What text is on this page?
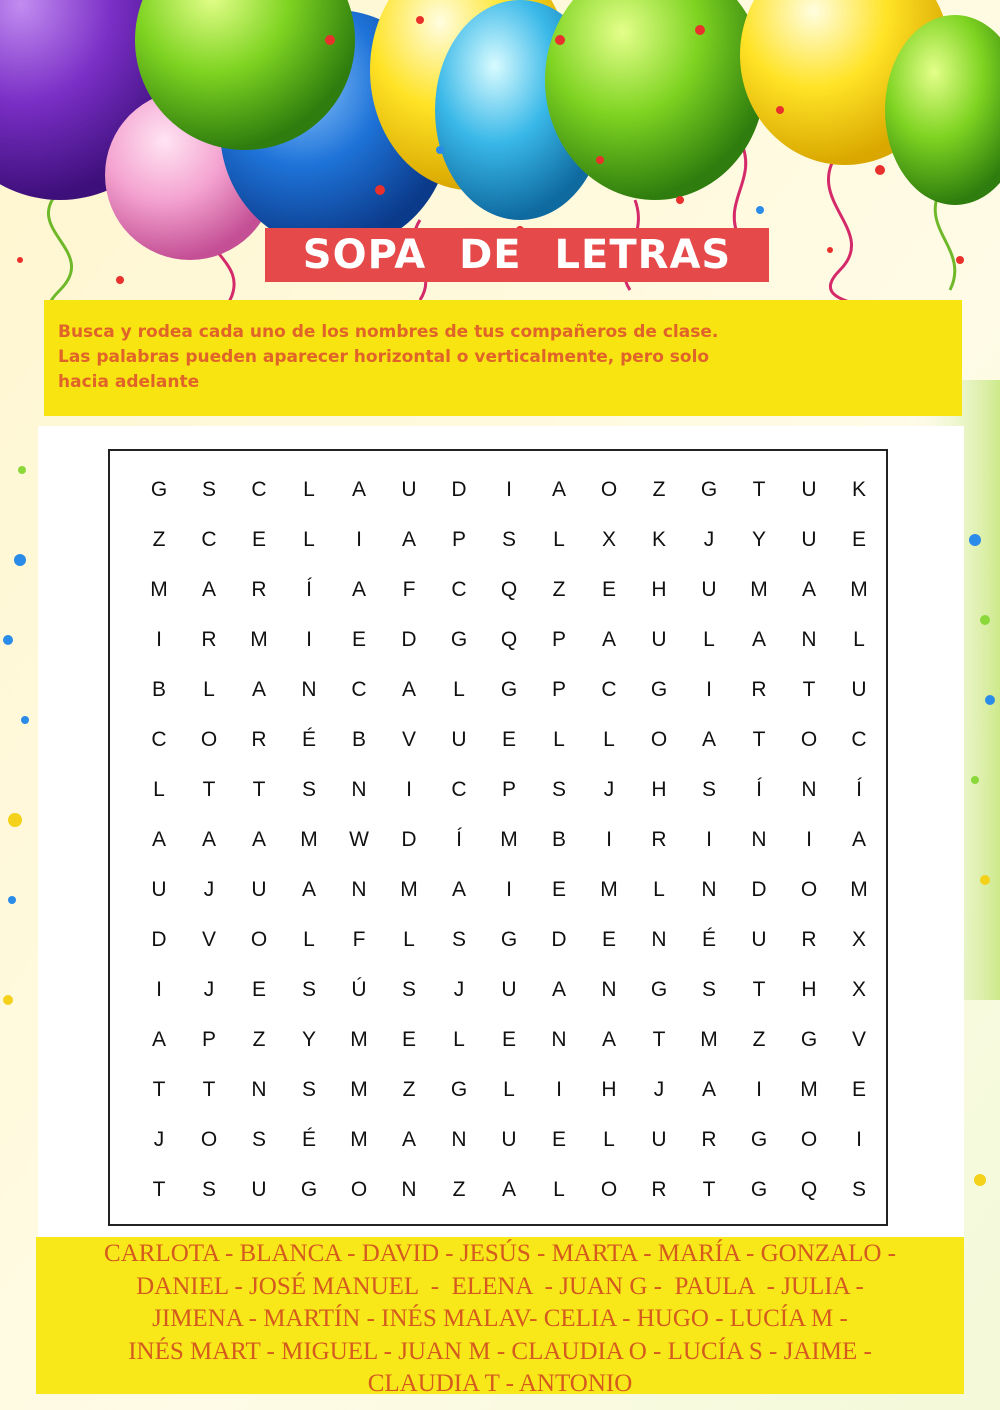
SOPA DE LETRAS
Busca y rodea cada uno de los nombres de tus compañeros de clase.
Las palabras pueden aparecer horizontal o verticalmente, pero solo
hacia adelante
G	S	C	L	A	U	D	I	A	O	Z	G	T	U	K
Z	C	E	L	I	A	P	S	L	X	K	J	Y	U	E
M	A	R	Í	A	F	C	Q	Z	E	H	U	M	A	M
I	R	M	I	E	D	G	Q	P	A	U	L	A	N	L
B	L	A	N	C	A	L	G	P	C	G	I	R	T	U
C	O	R	É	B	V	U	E	L	L	O	A	T	O	C
L	T	T	S	N	I	C	P	S	J	H	S	Í	N	Í
A	A	A	M	W	D	Í	M	B	I	R	I	N	I	A
U	J	U	A	N	M	A	I	E	M	L	N	D	O	M
D	V	O	L	F	L	S	G	D	E	N	É	U	R	X
I	J	E	S	Ú	S	J	U	A	N	G	S	T	H	X
A	P	Z	Y	M	E	L	E	N	A	T	M	Z	G	V
T	T	N	S	M	Z	G	L	I	H	J	A	I	M	E
J	O	S	É	M	A	N	U	E	L	U	R	G	O	I
T	S	U	G	O	N	Z	A	L	O	R	T	G	Q	S
CARLOTA - BLANCA - DAVID - JESÚS - MARTA - MARÍA - GONZALO -
DANIEL - JOSÉ MANUEL  -  ELENA  - JUAN G -  PAULA  - JULIA -
JIMENA - MARTÍN - INÉS MALAV- CELIA - HUGO - LUCÍA M -
INÉS MART - MIGUEL - JUAN M - CLAUDIA O - LUCÍA S - JAIME -
CLAUDIA T - ANTONIO
